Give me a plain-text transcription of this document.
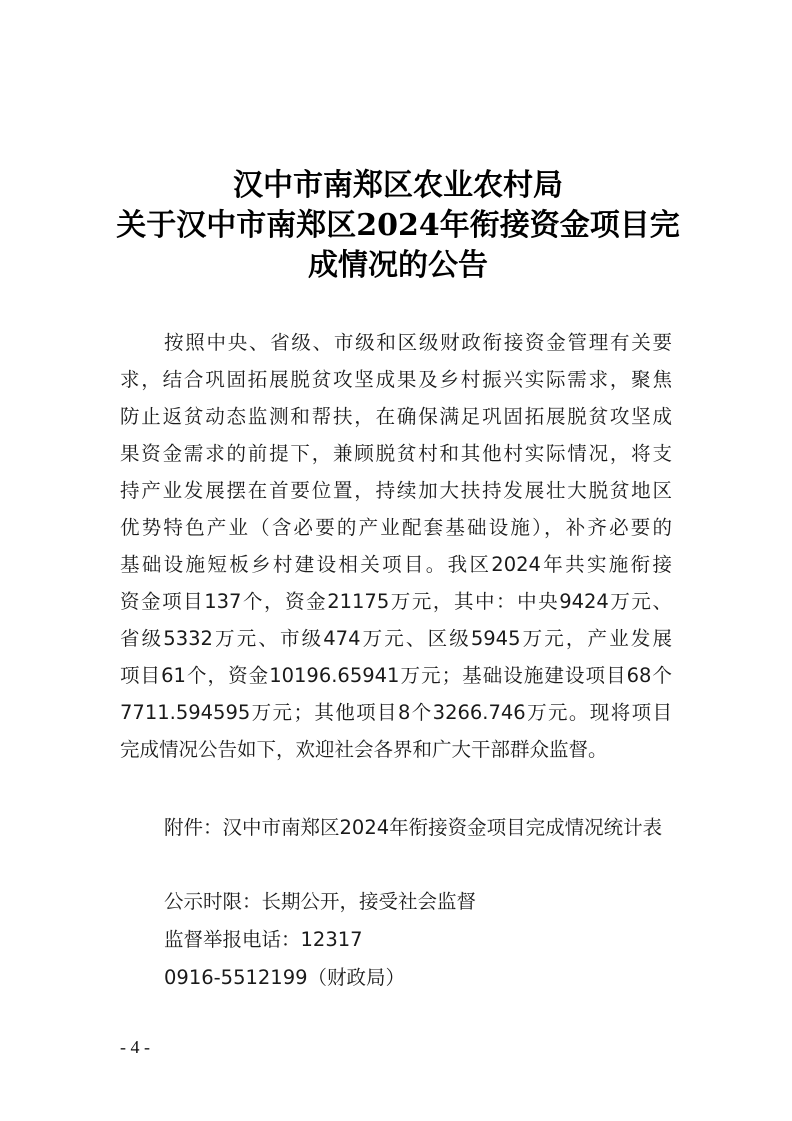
汉中市南郑区农业农村局
关于汉中市南郑区2024年衔接资金项目完
成情况的公告
按照中央、省级、市级和区级财政衔接资金管理有关要
求，结合巩固拓展脱贫攻坚成果及乡村振兴实际需求，聚焦
防止返贫动态监测和帮扶，在确保满足巩固拓展脱贫攻坚成
果资金需求的前提下，兼顾脱贫村和其他村实际情况，将支
持产业发展摆在首要位置，持续加大扶持发展壮大脱贫地区
优势特色产业（含必要的产业配套基础设施），补齐必要的
基础设施短板乡村建设相关项目。我区2024年共实施衔接
资金项目137个，资金21175万元，其中：中央9424万元、
省级5332万元、市级474万元、区级5945万元，产业发展
项目61个，资金10196.65941万元；基础设施建设项目68个
7711.594595万元；其他项目8个3266.746万元。现将项目
完成情况公告如下，欢迎社会各界和广大干部群众监督。
附件：汉中市南郑区2024年衔接资金项目完成情况统计表
公示时限：长期公开，接受社会监督
监督举报电话：12317
0916-5512199（财政局）
- 4 -
